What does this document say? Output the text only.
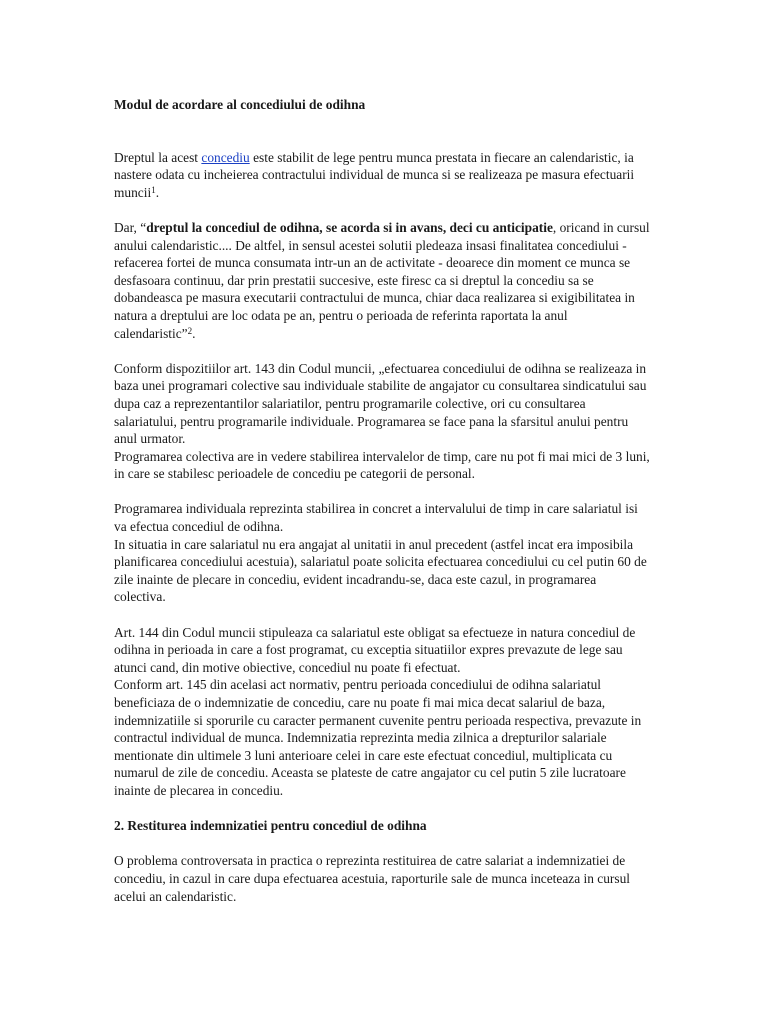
Modul de acordare al concediului de odihna

Dreptul la acest concediu este stabilit de lege pentru munca prestata in fiecare an calendaristic, ia nastere odata cu incheierea contractului individual de munca si se realizeaza pe masura efectuarii muncii$^1$.

Dar, “dreptul la concediul de odihna, se acorda si in avans, deci cu anticipatie, oricand in cursul anului calendaristic.... De altfel, in sensul acestei solutii pledeaza insasi finalitatea concediului - refacerea fortei de munca consumata intr-un an de activitate - deoarece din moment ce munca se desfasoara continuu, dar prin prestatii succesive, este firesc ca si dreptul la concediu sa se dobandeasca pe masura executarii contractului de munca, chiar daca realizarea si exigibilitatea in natura a dreptului are loc odata pe an, pentru o perioada de referinta raportata la anul calendaristic”$^2$.

Conform dispozitiilor art. 143 din Codul muncii, „efectuarea concediului de odihna se realizeaza in baza unei programari colective sau individuale stabilite de angajator cu consultarea sindicatului sau dupa caz a reprezentantilor salariatilor, pentru programarile colective, ori cu consultarea salariatului, pentru programarile individuale. Programarea se face pana la sfarsitul anului pentru anul urmator.

Programarea colectiva are in vedere stabilirea intervalelor de timp, care nu pot fi mai mici de 3 luni, in care se stabilesc perioadele de concediu pe categorii de personal.

Programarea individuala reprezinta stabilirea in concret a intervalului de timp in care salariatul isi va efectua concediul de odihna.

In situatia in care salariatul nu era angajat al unitatii in anul precedent (astfel incat era imposibila planificarea concediului acestuia), salariatul poate solicita efectuarea concediului cu cel putin 60 de zile inainte de plecare in concediu, evident incadrandu-se, daca este cazul, in programarea colectiva.

Art. 144 din Codul muncii stipuleaza ca salariatul este obligat sa efectueze in natura concediul de odihna in perioada in care a fost programat, cu exceptia situatiilor expres prevazute de lege sau atunci cand, din motive obiective, concediul nu poate fi efectuat.

Conform art. 145 din acelasi act normativ, pentru perioada concediului de odihna salariatul beneficiaza de o indemnizatie de concediu, care nu poate fi mai mica decat salariul de baza, indemnizatiile si sporurile cu caracter permanent cuvenite pentru perioada respectiva, prevazute in contractul individual de munca. Indemnizatia reprezinta media zilnica a drepturilor salariale mentionate din ultimele 3 luni anterioare celei in care este efectuat concediul, multiplicata cu numarul de zile de concediu. Aceasta se plateste de catre angajator cu cel putin 5 zile lucratoare inainte de plecarea in concediu.

2. Restiturea indemnizatiei pentru concediul de odihna

O problema controversata in practica o reprezinta restituirea de catre salariat a indemnizatiei de concediu, in cazul in care dupa efectuarea acestuia, raporturile sale de munca inceteaza in cursul acelui an calendaristic.
